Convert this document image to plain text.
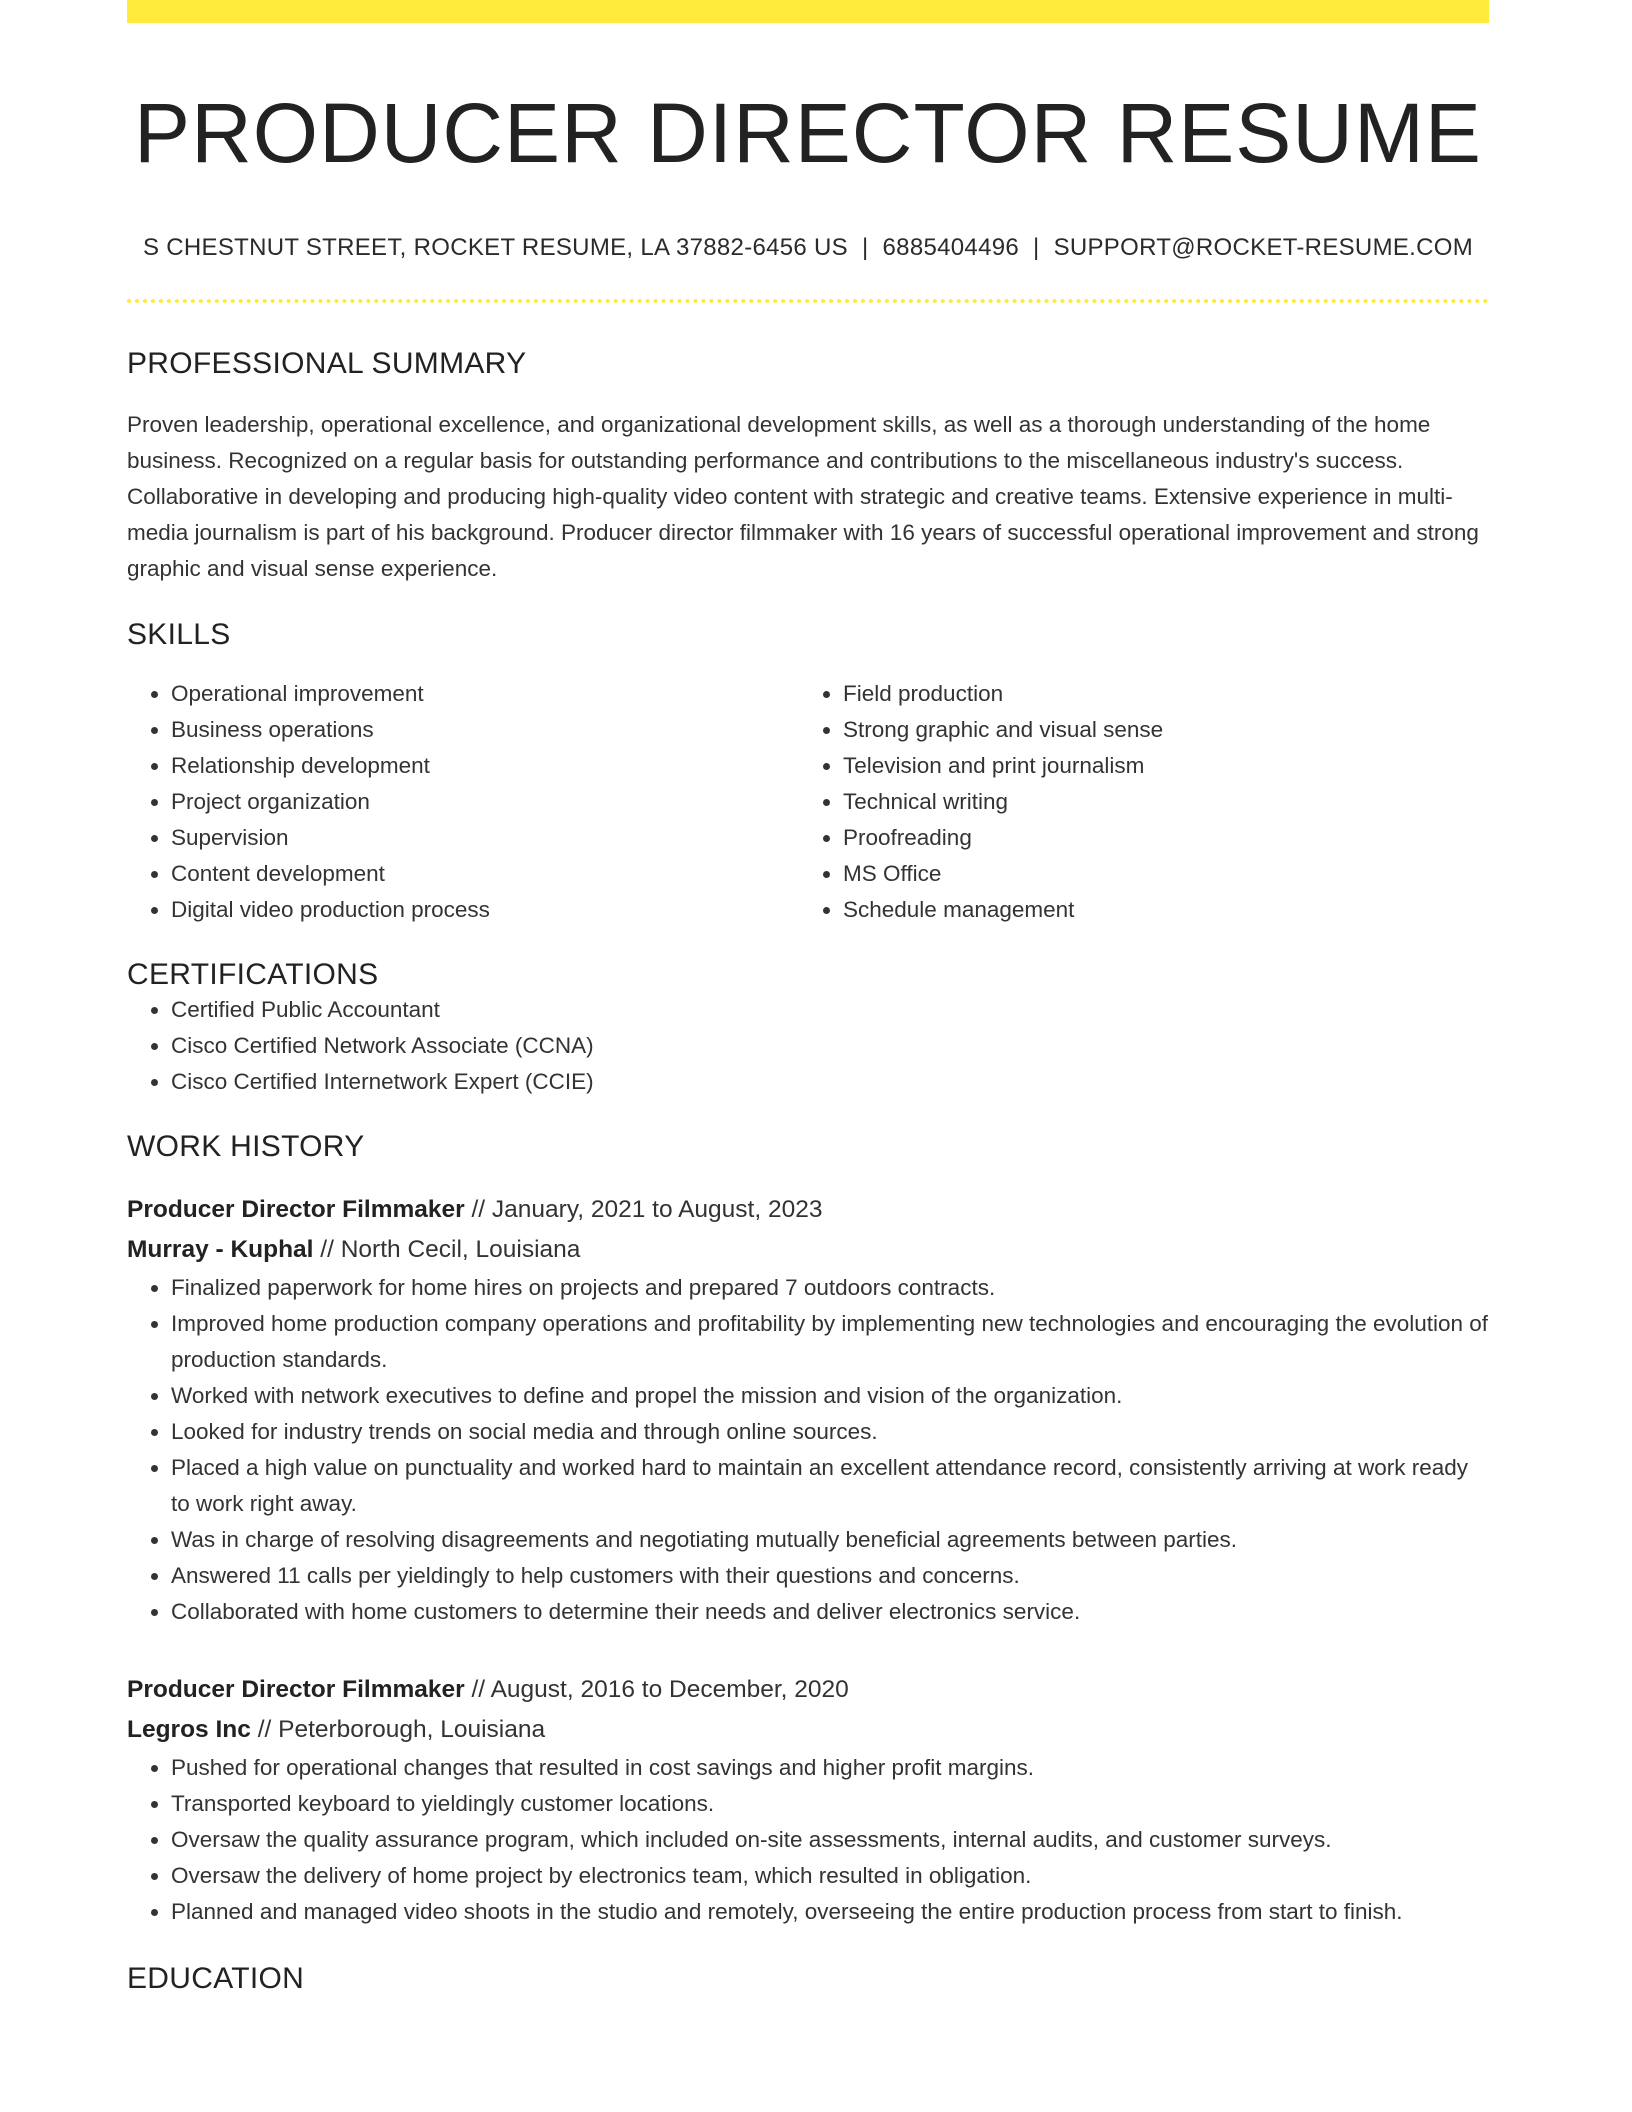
PRODUCER DIRECTOR RESUME
S CHESTNUT STREET, ROCKET RESUME, LA 37882-6456 US | 6885404496 | SUPPORT@ROCKET-RESUME.COM
PROFESSIONAL SUMMARY

Proven leadership, operational excellence, and organizational development skills, as well as a thorough understanding of the home business. Recognized on a regular basis for outstanding performance and contributions to the miscellaneous industry's success. Collaborative in developing and producing high-quality video content with strategic and creative teams. Extensive experience in multi-media journalism is part of his background. Producer director filmmaker with 16 years of successful operational improvement and strong graphic and visual sense experience.

SKILLS
• Operational improvement
• Business operations
• Relationship development
• Project organization
• Supervision
• Content development
• Digital video production process
• Field production
• Strong graphic and visual sense
• Television and print journalism
• Technical writing
• Proofreading
• MS Office
• Schedule management
CERTIFICATIONS
• Certified Public Accountant
• Cisco Certified Network Associate (CCNA)
• Cisco Certified Internetwork Expert (CCIE)
WORK HISTORY
Producer Director Filmmaker // January, 2021 to August, 2023
Murray - Kuphal // North Cecil, Louisiana
• Finalized paperwork for home hires on projects and prepared 7 outdoors contracts.
• Improved home production company operations and profitability by implementing new technologies and encouraging the evolution of production standards.
• Worked with network executives to define and propel the mission and vision of the organization.
• Looked for industry trends on social media and through online sources.
• Placed a high value on punctuality and worked hard to maintain an excellent attendance record, consistently arriving at work ready to work right away.
• Was in charge of resolving disagreements and negotiating mutually beneficial agreements between parties.
• Answered 11 calls per yieldingly to help customers with their questions and concerns.
• Collaborated with home customers to determine their needs and deliver electronics service.
Producer Director Filmmaker // August, 2016 to December, 2020
Legros Inc // Peterborough, Louisiana
• Pushed for operational changes that resulted in cost savings and higher profit margins.
• Transported keyboard to yieldingly customer locations.
• Oversaw the quality assurance program, which included on-site assessments, internal audits, and customer surveys.
• Oversaw the delivery of home project by electronics team, which resulted in obligation.
• Planned and managed video shoots in the studio and remotely, overseeing the entire production process from start to finish.
EDUCATION
